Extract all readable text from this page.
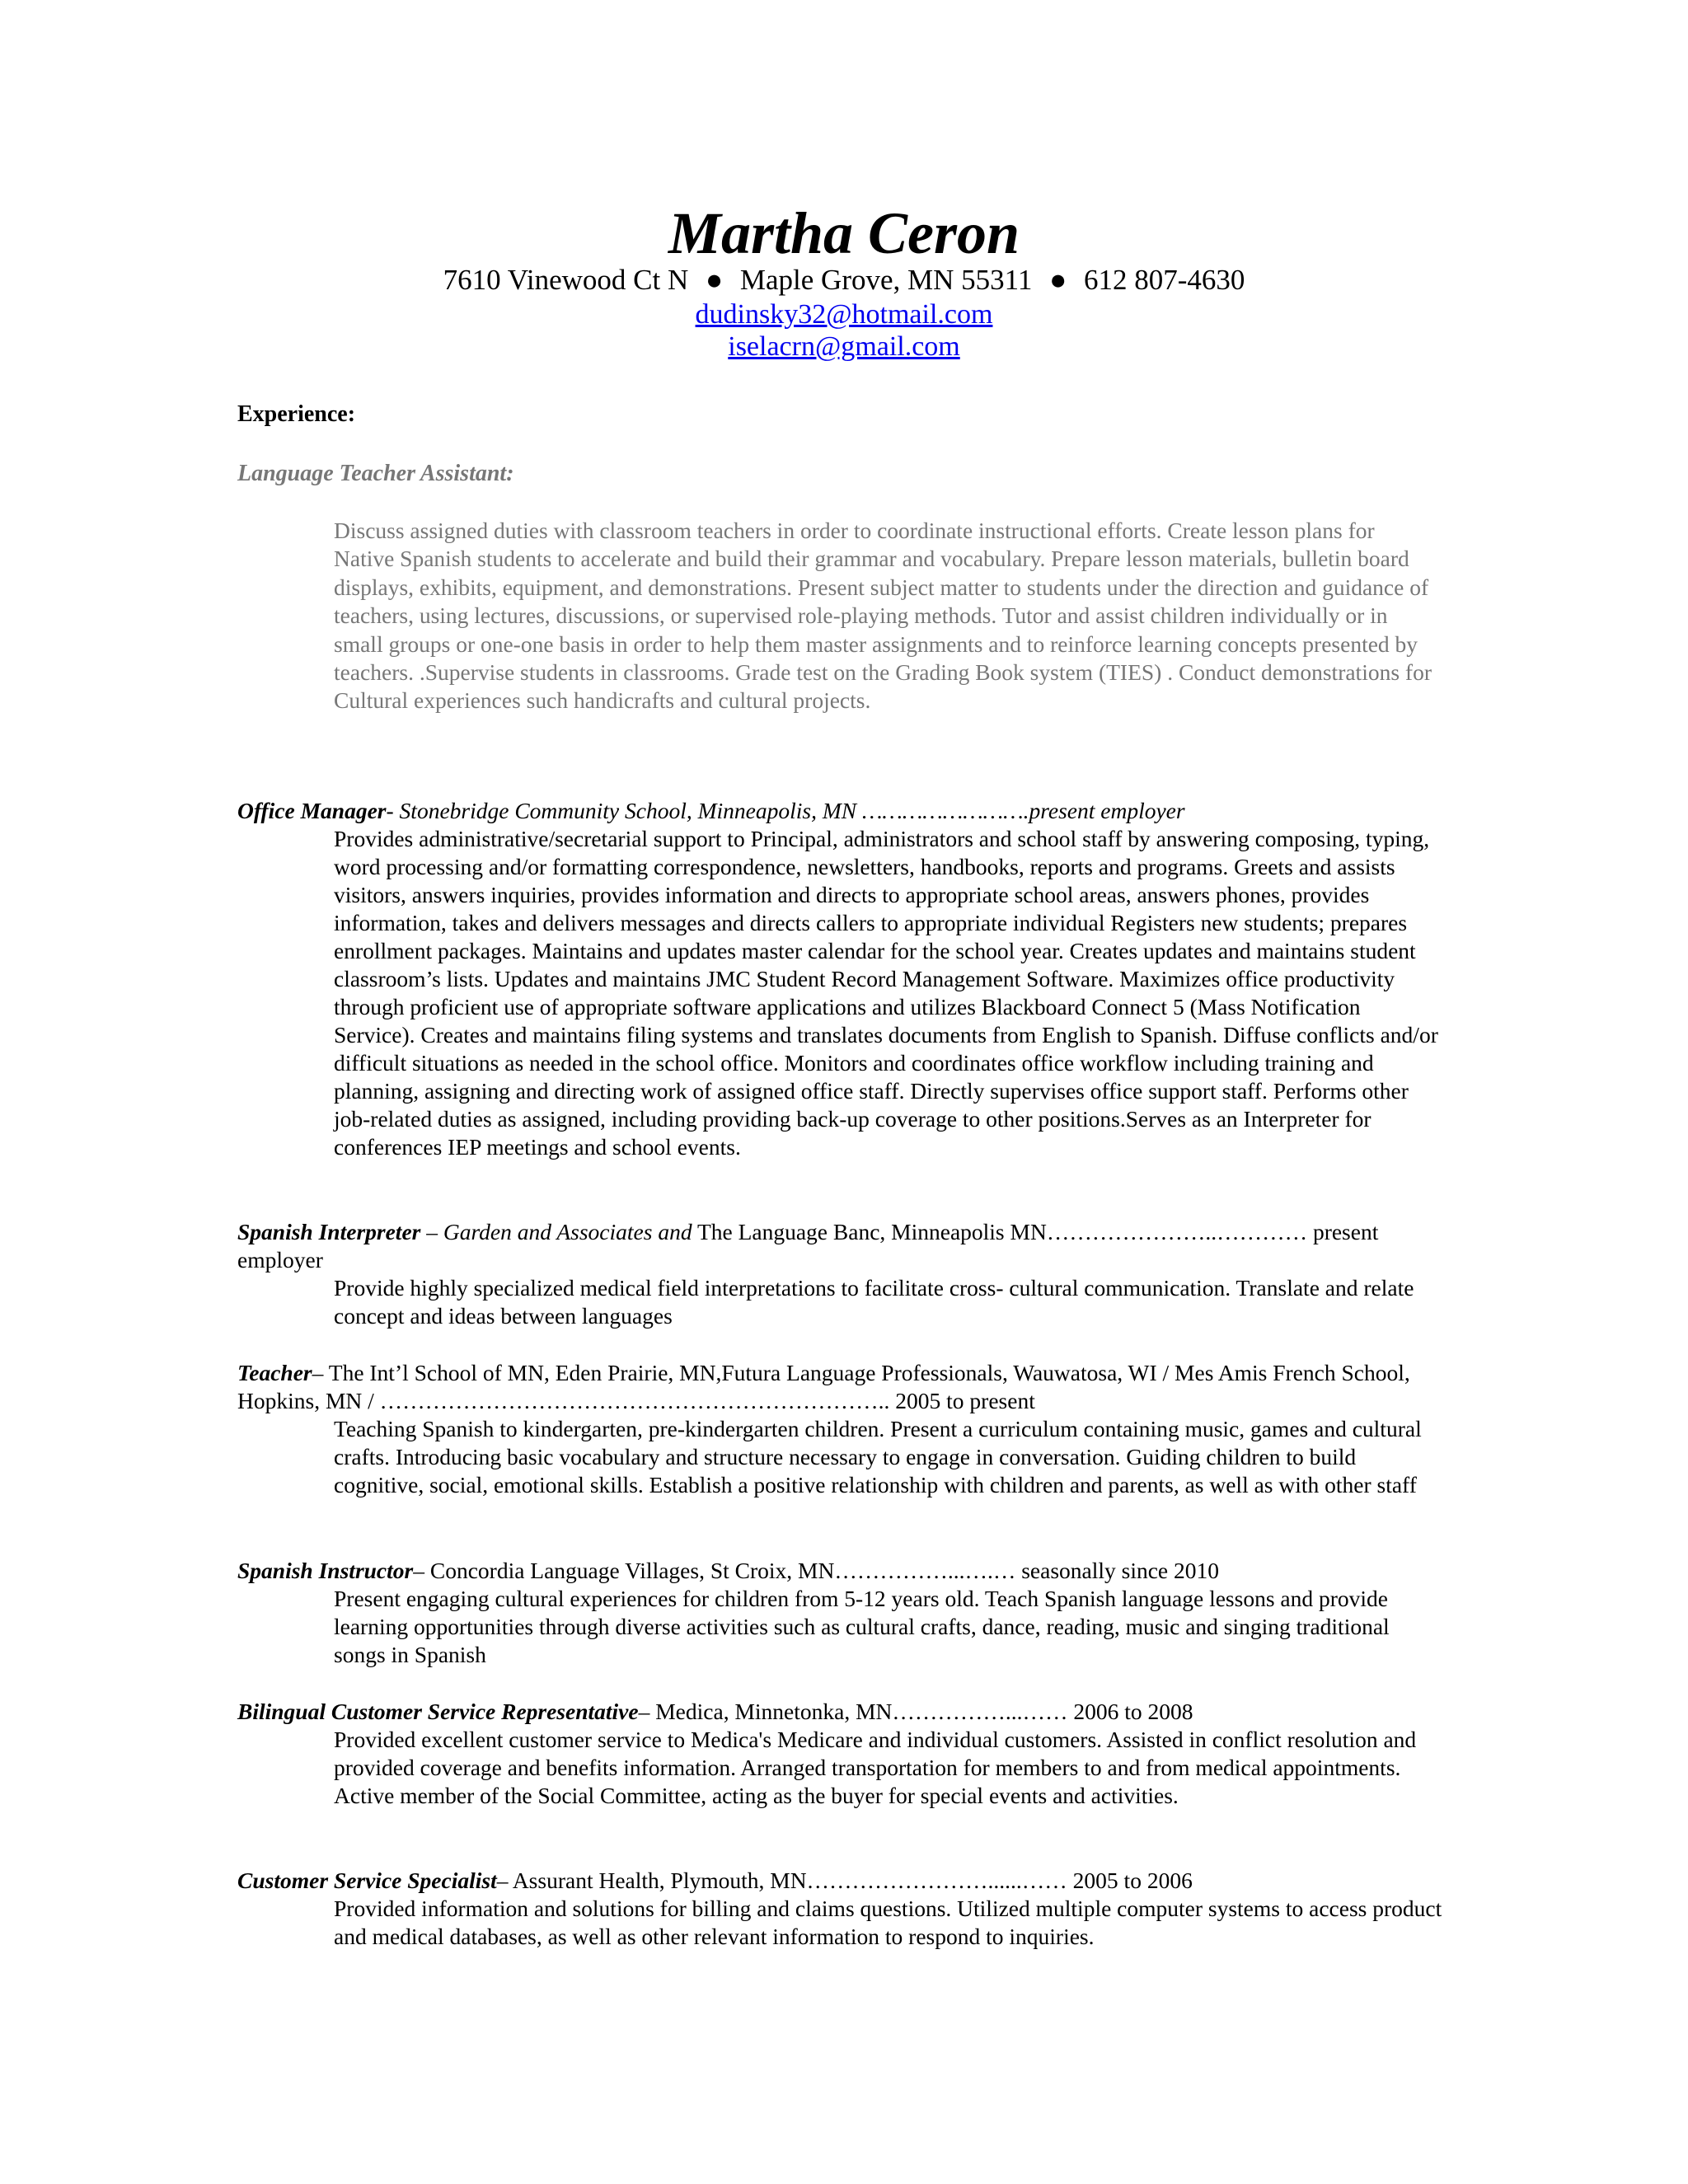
Martha Ceron
7610 Vinewood Ct N ● Maple Grove, MN 55311 ● 612 807-4630
dudinsky32@hotmail.com
iselacrn@gmail.com
Experience:
Language Teacher Assistant:
Discuss assigned duties with classroom teachers in order to coordinate instructional efforts. Create lesson plans for Native Spanish students to accelerate and build their grammar and vocabulary. Prepare lesson materials, bulletin board displays, exhibits, equipment, and demonstrations. Present subject matter to students under the direction and guidance of teachers, using lectures, discussions, or supervised role-playing methods. Tutor and assist children individually or in small groups or one-one basis in order to help them master assignments and to reinforce learning concepts presented by teachers. .Supervise students in classrooms. Grade test on the Grading Book system (TIES) . Conduct demonstrations for Cultural experiences such handicrafts and cultural projects.
Office Manager- Stonebridge Community School, Minneapolis, MN …………………….present employer
Provides administrative/secretarial support to Principal, administrators and school staff by answering composing, typing, word processing and/or formatting correspondence, newsletters, handbooks, reports and programs. Greets and assists visitors, answers inquiries, provides information and directs to appropriate school areas, answers phones, provides information, takes and delivers messages and directs callers to appropriate individual Registers new students; prepares enrollment packages. Maintains and updates master calendar for the school year. Creates updates and maintains student classroom’s lists. Updates and maintains JMC Student Record Management Software. Maximizes office productivity through proficient use of appropriate software applications and utilizes Blackboard Connect 5 (Mass Notification Service). Creates and maintains filing systems and translates documents from English to Spanish. Diffuse conflicts and/or difficult situations as needed in the school office. Monitors and coordinates office workflow including training and planning, assigning and directing work of assigned office staff. Directly supervises office support staff. Performs other job-related duties as assigned, including providing back-up coverage to other positions.Serves as an Interpreter for conferences IEP meetings and school events.
Spanish Interpreter – Garden and Associates and The Language Banc, Minneapolis MN…………………..………… present employer
Provide highly specialized medical field interpretations to facilitate cross- cultural communication. Translate and relate concept and ideas between languages
Teacher– The Int’l School of MN, Eden Prairie, MN,Futura Language Professionals, Wauwatosa, WI / Mes Amis French School, Hopkins, MN / ………………………………………………………….. 2005 to present
Teaching Spanish to kindergarten, pre-kindergarten children. Present a curriculum containing music, games and cultural crafts. Introducing basic vocabulary and structure necessary to engage in conversation. Guiding children to build cognitive, social, emotional skills. Establish a positive relationship with children and parents, as well as with other staff
Spanish Instructor– Concordia Language Villages, St Croix, MN……………...….… seasonally since 2010
Present engaging cultural experiences for children from 5-12 years old. Teach Spanish language lessons and provide learning opportunities through diverse activities such as cultural crafts, dance, reading, music and singing traditional songs in Spanish
Bilingual Customer Service Representative– Medica, Minnetonka, MN……………...…… 2006 to 2008
Provided excellent customer service to Medica's Medicare and individual customers. Assisted in conflict resolution and provided coverage and benefits information. Arranged transportation for members to and from medical appointments. Active member of the Social Committee, acting as the buyer for special events and activities.
Customer Service Specialist– Assurant Health, Plymouth, MN……………………......…… 2005 to 2006
Provided information and solutions for billing and claims questions. Utilized multiple computer systems to access product and medical databases, as well as other relevant information to respond to inquiries.
